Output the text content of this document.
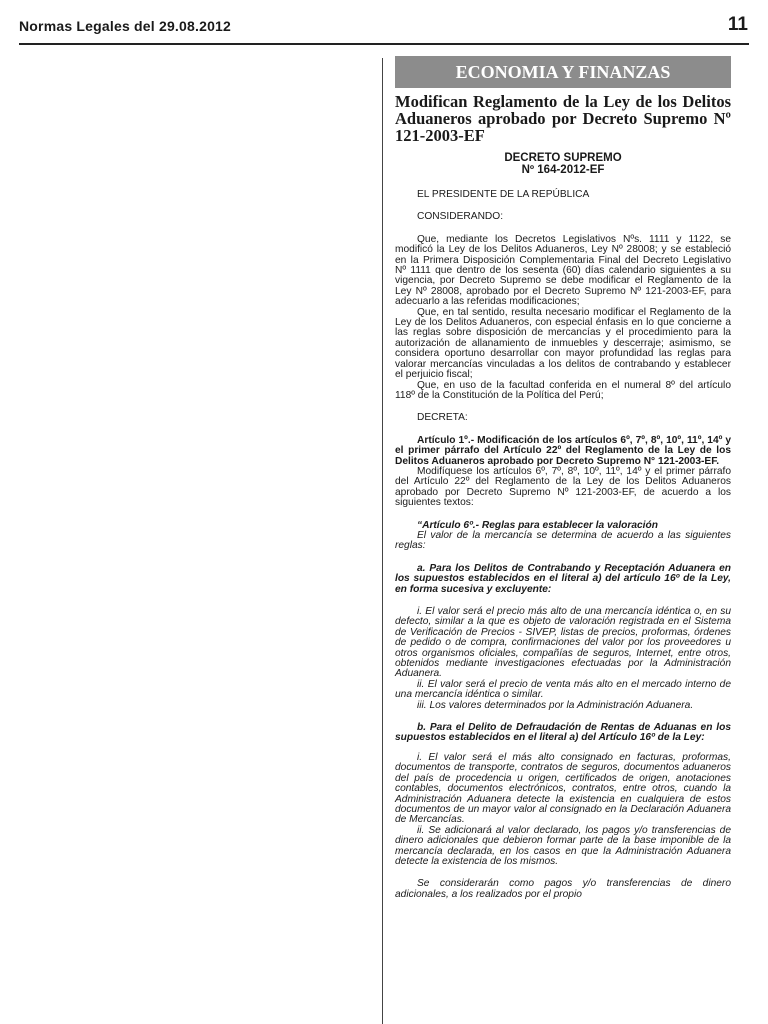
Normas Legales del 29.08.2012	11
ECONOMIA Y FINANZAS
Modifican Reglamento de la Ley de los Delitos Aduaneros aprobado por Decreto Supremo Nº 121-2003-EF
DECRETO SUPREMO
Nº 164-2012-EF

EL PRESIDENTE DE LA REPÚBLICA

CONSIDERANDO:

Que, mediante los Decretos Legislativos Nºs. 1111 y 1122, se modificó la Ley de los Delitos Aduaneros, Ley Nº 28008; y se estableció en la Primera Disposición Complementaria Final del Decreto Legislativo Nº 1111 que dentro de los sesenta (60) días calendario siguientes a su vigencia, por Decreto Supremo se debe modificar el Reglamento de la Ley Nº 28008, aprobado por el Decreto Supremo Nº 121-2003-EF, para adecuarlo a las referidas modificaciones;

Que, en tal sentido, resulta necesario modificar el Reglamento de la Ley de los Delitos Aduaneros, con especial énfasis en lo que concierne a las reglas sobre disposición de mercancías y el procedimiento para la autorización de allanamiento de inmuebles y descerraje; asimismo, se considera oportuno desarrollar con mayor profundidad las reglas para valorar mercancías vinculadas a los delitos de contrabando y establecer el perjuicio fiscal;

Que, en uso de la facultad conferida en el numeral 8º del artículo 118º de la Constitución de la Política del Perú;

DECRETA:

Artículo 1º.- Modificación de los artículos 6º, 7º, 8º, 10º, 11º, 14º y el primer párrafo del Artículo 22º del Reglamento de la Ley de los Delitos Aduaneros aprobado por Decreto Supremo N° 121-2003-EF.

Modifíquese los artículos 6º, 7º, 8º, 10º, 11º, 14º y el primer párrafo del Artículo 22º del Reglamento de la Ley de los Delitos Aduaneros aprobado por Decreto Supremo Nº 121-2003-EF, de acuerdo a los siguientes textos:

“Artículo 6º.- Reglas para establecer la valoración

El valor de la mercancía se determina de acuerdo a las siguientes reglas:

a. Para los Delitos de Contrabando y Receptación Aduanera en los supuestos establecidos en el literal a) del artículo 16º de la Ley, en forma sucesiva y excluyente:

i. El valor será el precio más alto de una mercancía idéntica o, en su defecto, similar a la que es objeto de valoración registrada en el Sistema de Verificación de Precios - SIVEP, listas de precios, proformas, órdenes de pedido o de compra, confirmaciones del valor por los proveedores u otros organismos oficiales, compañías de seguros, Internet, entre otros, obtenidos mediante investigaciones efectuadas por la Administración Aduanera.

ii. El valor será el precio de venta más alto en el mercado interno de una mercancía idéntica o similar.

iii. Los valores determinados por la Administración Aduanera.

b. Para el Delito de Defraudación de Rentas de Aduanas en los supuestos establecidos en el literal a) del Artículo 16º de la Ley:

i. El valor será el más alto consignado en facturas, proformas, documentos de transporte, contratos de seguros, documentos aduaneros del país de procedencia u origen, certificados de origen, anotaciones contables, documentos electrónicos, contratos, entre otros, cuando la Administración Aduanera detecte la existencia en cualquiera de estos documentos de un mayor valor al consignado en la Declaración Aduanera de Mercancías.

ii. Se adicionará al valor declarado, los pagos y/o transferencias de dinero adicionales que debieron formar parte de la base imponible de la mercancía declarada, en los casos en que la Administración Aduanera detecte la existencia de los mismos.

Se considerarán como pagos y/o transferencias de dinero adicionales, a los realizados por el propio
